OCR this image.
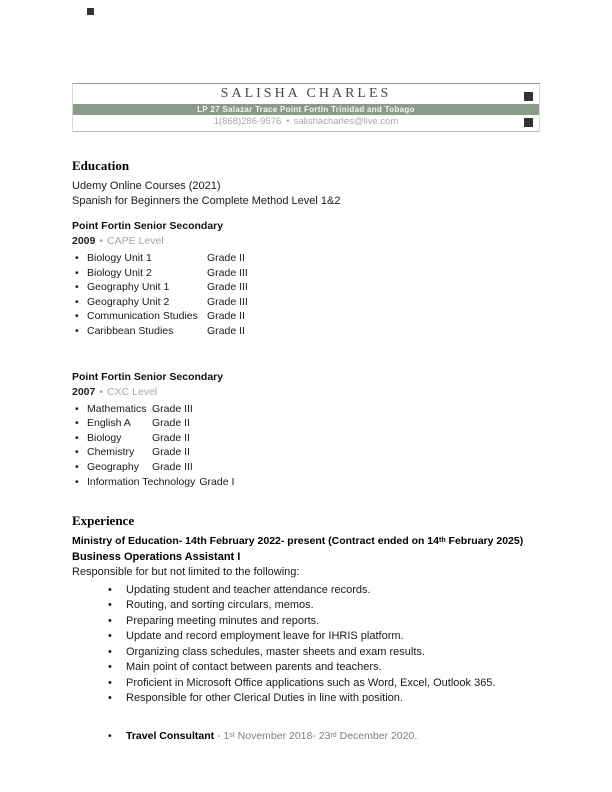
SALISHA CHARLES
LP 27 Salazar Trace Point Fortin Trinidad and Tobago
1(868)286-9576 • salishacharles@live.com
Education
Udemy Online Courses (2021)
Spanish for Beginners the Complete Method Level 1&2
Point Fortin Senior Secondary
2009 • CAPE Level
• Biology Unit 1	Grade II
• Biology Unit 2	Grade III
• Geography Unit 1	Grade III
• Geography Unit 2	Grade III
• Communication Studies Grade II
• Caribbean Studies	Grade II
Point Fortin Senior Secondary
2007 • CXC Level
• Mathematics Grade III
• English A	Grade II
• Biology	Grade II
• Chemistry	Grade II
• Geography	Grade III
• Information Technology Grade I
Experience
Ministry of Education- 14th February 2022- present (Contract ended on 14th February 2025)
Business Operations Assistant I
Responsible for but not limited to the following:
•	Updating student and teacher attendance records.
•	Routing, and sorting circulars, memos.
•	Preparing meeting minutes and reports.
•	Update and record employment leave for IHRIS platform.
•	Organizing class schedules, master sheets and exam results.
•	Main point of contact between parents and teachers.
•	Proficient in Microsoft Office applications such as Word, Excel, Outlook 365.
•	Responsible for other Clerical Duties in line with position.
•	Travel Consultant - 1st November 2018- 23rd December 2020.
